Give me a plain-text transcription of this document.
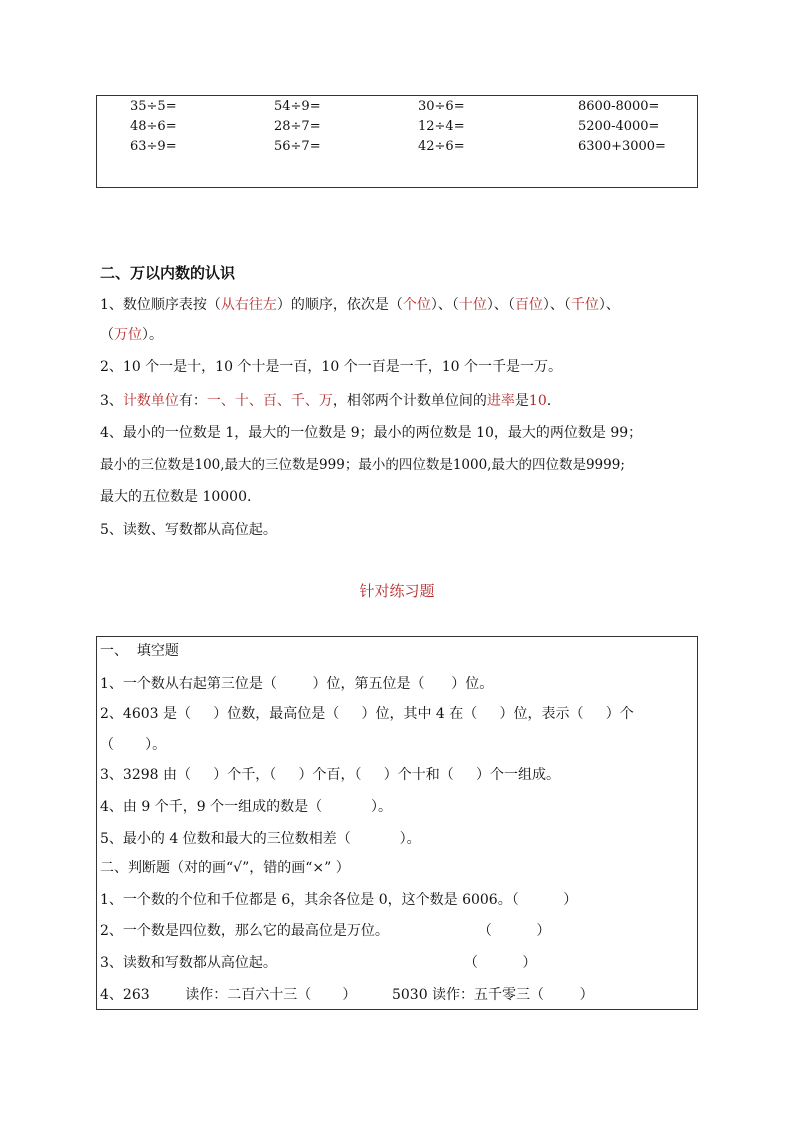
35÷5=	54÷9=	30÷6=	8600-8000=
48÷6=	28÷7=	12÷4=	5200-4000=
63÷9=	56÷7=	42÷6=	6300+3000=
二、万以内数的认识
1、数位顺序表按（从右往左）的顺序，依次是（个位）、（十位）、（百位）、（千位）、
（万位）。
2、10 个一是十，10 个十是一百，10 个一百是一千，10 个一千是一万。
3、计数单位有：一、十、百、千、万，相邻两个计数单位间的进率是10.
4、最小的一位数是 1，最大的一位数是 9；最小的两位数是 10，最大的两位数是 99；
最小的三位数是100,最大的三位数是999；最小的四位数是1000,最大的四位数是9999;
最大的五位数是 10000.
5、读数、写数都从高位起。
针对练习题
一、  填空题
1、一个数从右起第三位是（        ）位，第五位是（      ）位。
2、4603 是（     ）位数，最高位是（     ）位，其中 4 在（     ）位，表示（     ）个
（       ）。
3、3298 由（     ）个千，（     ）个百，（     ）个十和（     ）个一组成。
4、由 9 个千，9 个一组成的数是（           ）。
5、最小的 4 位数和最大的三位数相差（           ）。
二、判断题（对的画“√”，错的画“×” ）
1、一个数的个位和千位都是 6，其余各位是 0，这个数是 6006。（          ）
2、一个数是四位数，那么它的最高位是万位。                    （          ）
3、读数和写数都从高位起。                                          （          ）
4、263        读作：二百六十三（       ）        5030 读作：五千零三（        ）
